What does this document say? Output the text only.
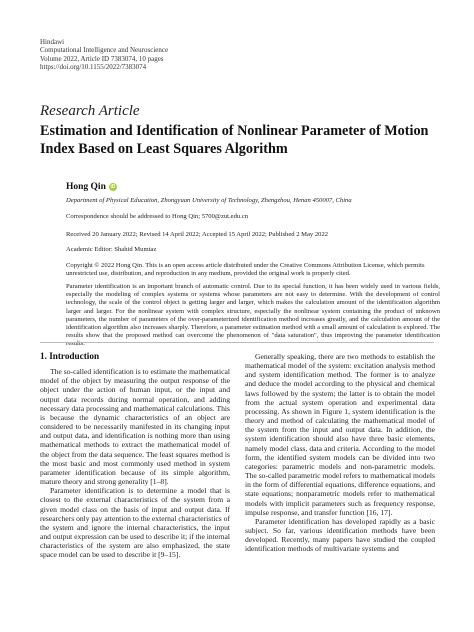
Hindawi
Computational Intelligence and Neuroscience
Volume 2022, Article ID 7383074, 10 pages
https://doi.org/10.1155/2022/7383074
Research Article
Estimation and Identification of Nonlinear Parameter of Motion Index Based on Least Squares Algorithm
Hong Qin iD
Department of Physical Education, Zhongyuan University of Technology, Zhengzhou, Henan 450007, China
Correspondence should be addressed to Hong Qin; 5700@zut.edu.cn
Received 20 January 2022; Revised 14 April 2022; Accepted 15 April 2022; Published 2 May 2022
Academic Editor: Shahid Mumtaz
Copyright © 2022 Hong Qin. This is an open access article distributed under the Creative Commons Attribution License, which permits unrestricted use, distribution, and reproduction in any medium, provided the original work is properly cited.
Parameter identification is an important branch of automatic control. Due to its special function, it has been widely used in various fields, especially the modeling of complex systems or systems whose parameters are not easy to determine. With the development of control technology, the scale of the control object is getting larger and larger, which makes the calculation amount of the identification algorithm larger and larger. For the nonlinear system with complex structure, especially the nonlinear system containing the product of unknown parameters, the number of parameters of the over-parameterized identification method increases greatly, and the calculation amount of the identification algorithm also increases sharply. Therefore, a parameter estimation method with a small amount of calculation is explored. The results show that the proposed method can overcome the phenomenon of "data saturation", thus improving the parameter identification results.
1. Introduction

The so-called identification is to estimate the mathematical model of the object by measuring the output response of the object under the action of human input, or the input and output data records during normal operation, and adding necessary data processing and mathematical calculations. This is because the dynamic characteristics of an object are considered to be necessarily manifested in its changing input and output data, and identification is nothing more than using mathematical methods to extract the mathematical model of the object from the data sequence. The least squares method is the most basic and most commonly used method in system parameter identification because of its simple algorithm, mature theory and strong generality [1–8].

Parameter identification is to determine a model that is closest to the external characteristics of the system from a given model class on the basis of input and output data. If researchers only pay attention to the external characteristics of the system and ignore the internal characteristics, the input and output expression can be used to describe it; if the internal characteristics of the system are also emphasized, the state space model can be used to describe it [9–15].

Generally speaking, there are two methods to establish the mathematical model of the system: excitation analysis method and system identification method. The former is to analyze and deduce the model according to the physical and chemical laws followed by the system; the latter is to obtain the model from the actual system operation and experimental data processing. As shown in Figure 1, system identification is the theory and method of calculating the mathematical model of the system from the input and output data. In addition, the system identification should also have three basic elements, namely model class, data and criteria. According to the model form, the identified system models can be divided into two categories: parametric models and non-parametric models. The so-called parametric model refers to mathematical models in the form of differential equations, difference equations, and state equations; nonparametric models refer to mathematical models with implicit parameters such as frequency response, impulse response, and transfer function [16, 17].

Parameter identification has developed rapidly as a basic subject. So far, various identification methods have been developed. Recently, many papers have studied the coupled identification methods of multivariate systems and
